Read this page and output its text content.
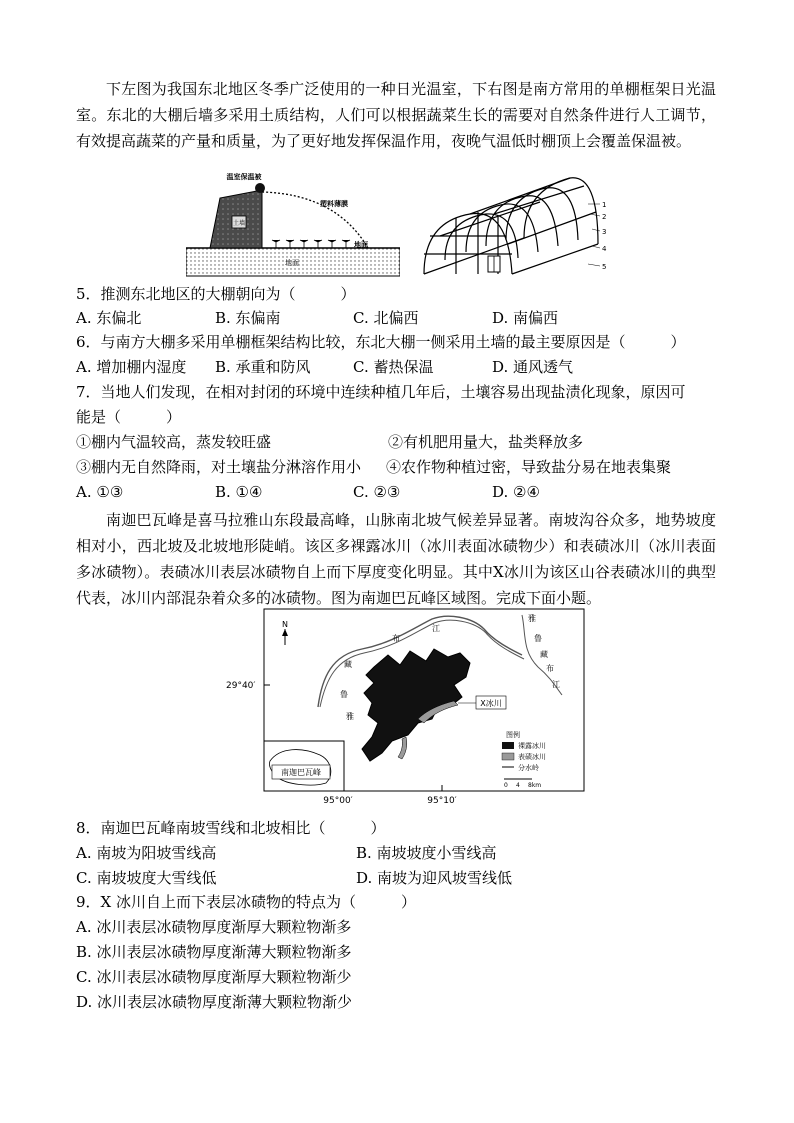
下左图为我国东北地区冬季广泛使用的一种日光温室，下右图是南方常用的单棚框架日光温室。东北的大棚后墙多采用土质结构，人们可以根据蔬菜生长的需要对自然条件进行人工调节，有效提高蔬菜的产量和质量，为了更好地发挥保温作用，夜晚气温低时棚顶上会覆盖保温被。

地面
土墙
温室保温被
塑料薄膜
地面
1
2
3
4
5
5．推测东北地区的大棚朝向为（　　　）
A. 东偏北	B. 东偏南	C. 北偏西	D. 南偏西
6．与南方大棚多采用单棚框架结构比较，东北大棚一侧采用土墙的最主要原因是（　　　）
A. 增加棚内湿度 B. 承重和防风	C. 蓄热保温	D. 通风透气
7．当地人们发现，在相对封闭的环境中连续种植几年后，土壤容易出现盐渍化现象，原因可
能是（　　　）
①棚内气温较高，蒸发较旺盛	②有机肥用量大，盐类释放多
③棚内无自然降雨，对土壤盐分淋溶作用小 ④农作物种植过密，导致盐分易在地表集聚
A. ①③	B. ①④	C. ②③	D. ②④

南迦巴瓦峰是喜马拉雅山东段最高峰，山脉南北坡气候差异显著。南坡沟谷众多，地势坡度相对小，西北坡及北坡地形陡峭。该区多裸露冰川（冰川表面冰碛物少）和表碛冰川（冰川表面多冰碛物）。表碛冰川表层冰碛物自上而下厚度变化明显。其中X冰川为该区山谷表碛冰川的典型代表，冰川内部混杂着众多的冰碛物。图为南迦巴瓦峰区域图。完成下面小题。

N
29°40′
95°00′	95°10′
布
江
藏
鲁
雅
雅
鲁
藏
布
江
X冰川
南迦巴瓦峰
图例
裸露冰川
表碛冰川
分水岭
0 4 8km
8．南迦巴瓦峰南坡雪线和北坡相比（　　　）
A. 南坡为阳坡雪线高	B. 南坡坡度小雪线高
C. 南坡坡度大雪线低	D. 南坡为迎风坡雪线低
9．X 冰川自上而下表层冰碛物的特点为（　　　）
A. 冰川表层冰碛物厚度渐厚大颗粒物渐多
B. 冰川表层冰碛物厚度渐薄大颗粒物渐多
C. 冰川表层冰碛物厚度渐厚大颗粒物渐少
D. 冰川表层冰碛物厚度渐薄大颗粒物渐少
